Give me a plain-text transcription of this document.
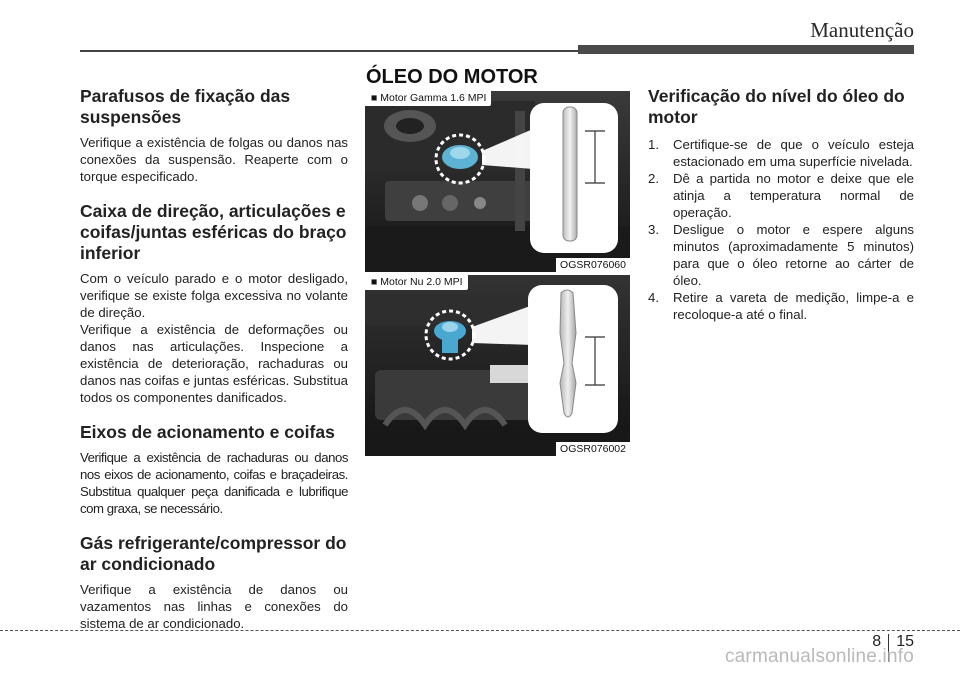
Manutenção
Parafusos de fixação das suspensões

Verifique a existência de folgas ou danos nas conexões da suspensão. Reaperte com o torque especificado.

Caixa de direção, articulações e coifas/juntas esféricas do braço inferior

Com o veículo parado e o motor desligado, verifique se existe folga excessiva no volante de direção.

Verifique a existência de deformações ou danos nas articulações. Inspecione a existência de deterioração, rachaduras ou danos nas coifas e juntas esféricas. Substitua todos os componentes danificados.

Eixos de acionamento e coifas

Verifique a existência de rachaduras ou danos nos eixos de acionamento, coifas e braçadeiras. Substitua qualquer peça danificada e lubrifique com graxa, se necessário.

Gás refrigerante/compressor do ar condicionado

Verifique a existência de danos ou vazamentos nas linhas e conexões do sistema de ar condicionado.

ÓLEO DO MOTOR
■ Motor Gamma 1.6 MPI
OGSR076060
■ Motor Nu 2.0 MPI
OGSR076002
Verificação do nível do óleo do motor
1. Certifique-se de que o veículo esteja estacionado em uma superfície nivelada.
2. Dê a partida no motor e deixe que ele atinja a temperatura normal de operação.
3. Desligue o motor e espere alguns minutos (aproximadamente 5 minutos) para que o óleo retorne ao cárter de óleo.
4. Retire a vareta de medição, limpe-a e recoloque-a até o final.
8 15
carmanualsonline.info
